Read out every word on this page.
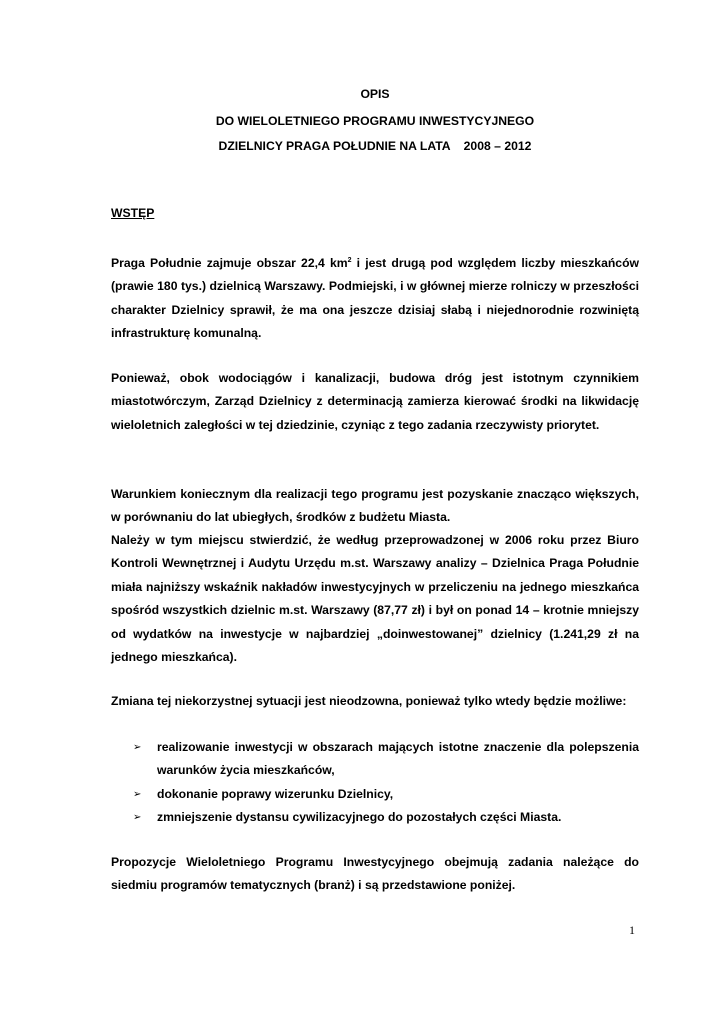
OPIS
DO WIELOLETNIEGO PROGRAMU INWESTYCYJNEGO
DZIELNICY PRAGA POŁUDNIE NA LATA    2008 – 2012
WSTĘP

Praga Południe zajmuje obszar 22,4 $km^2$ i jest drugą pod względem liczby mieszkańców (prawie 180 tys.) dzielnicą Warszawy. Podmiejski, i w głównej mierze rolniczy w przeszłości charakter Dzielnicy sprawił, że ma ona jeszcze dzisiaj słabą i niejednorodnie rozwiniętą infrastrukturę komunalną.

Ponieważ, obok wodociągów i kanalizacji, budowa dróg jest istotnym czynnikiem miastotwórczym, Zarząd Dzielnicy z determinacją zamierza kierować środki na likwidację wieloletnich zaległości w tej dziedzinie, czyniąc z tego zadania rzeczywisty priorytet.

Warunkiem koniecznym dla realizacji tego programu jest pozyskanie znacząco większych, w porównaniu do lat ubiegłych, środków z budżetu Miasta.

Należy w tym miejscu stwierdzić, że według przeprowadzonej w 2006 roku przez Biuro Kontroli Wewnętrznej i Audytu Urzędu m.st. Warszawy analizy – Dzielnica Praga Południe miała najniższy wskaźnik nakładów inwestycyjnych w przeliczeniu na jednego mieszkańca spośród wszystkich dzielnic m.st. Warszawy (87,77 zł) i był on ponad 14 – krotnie mniejszy od wydatków na inwestycje w najbardziej „doinwestowanej” dzielnicy (1.241,29 zł na jednego mieszkańca).

Zmiana tej niekorzystnej sytuacji jest nieodzowna, ponieważ tylko wtedy będzie możliwe:

➢ realizowanie inwestycji w obszarach mających istotne znaczenie dla polepszenia warunków życia mieszkańców,
➢ dokonanie poprawy wizerunku Dzielnicy,
➢ zmniejszenie dystansu cywilizacyjnego do pozostałych części Miasta.

Propozycje Wieloletniego Programu Inwestycyjnego obejmują zadania należące do siedmiu programów tematycznych (branż) i są przedstawione poniżej.

1
